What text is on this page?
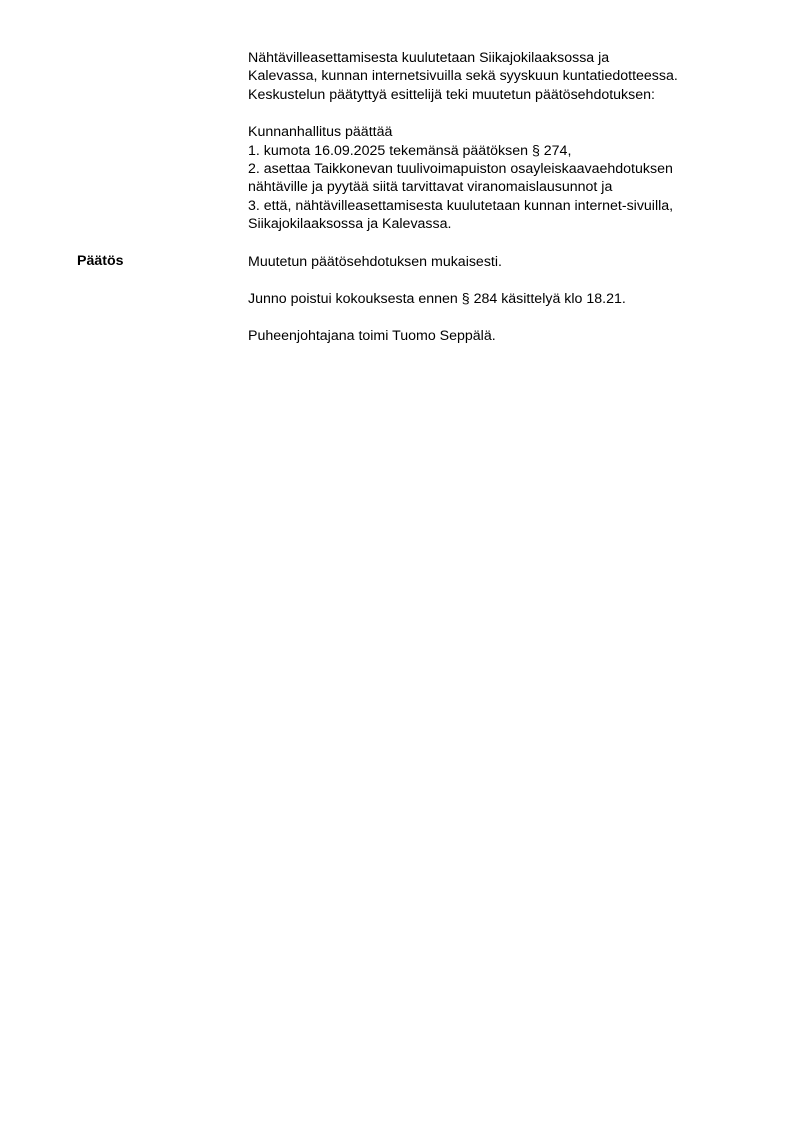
Nähtävilleasettamisesta kuulutetaan Siikajokilaaksossa ja
Kalevassa, kunnan internetsivuilla sekä syyskuun kuntatiedotteessa.
Keskustelun päätyttyä esittelijä teki muutetun päätösehdotuksen:
Kunnanhallitus päättää
1. kumota 16.09.2025 tekemänsä päätöksen § 274,
2. asettaa Taikkonevan tuulivoimapuiston osayleiskaavaehdotuksen
nähtäville ja pyytää siitä tarvittavat viranomaislausunnot ja
3. että, nähtävilleasettamisesta kuulutetaan kunnan internet-sivuilla,
Siikajokilaaksossa ja Kalevassa.
Muutetun päätösehdotuksen mukaisesti.
Junno poistui kokouksesta ennen § 284 käsittelyä klo 18.21.
Puheenjohtajana toimi Tuomo Seppälä.
Päätös
